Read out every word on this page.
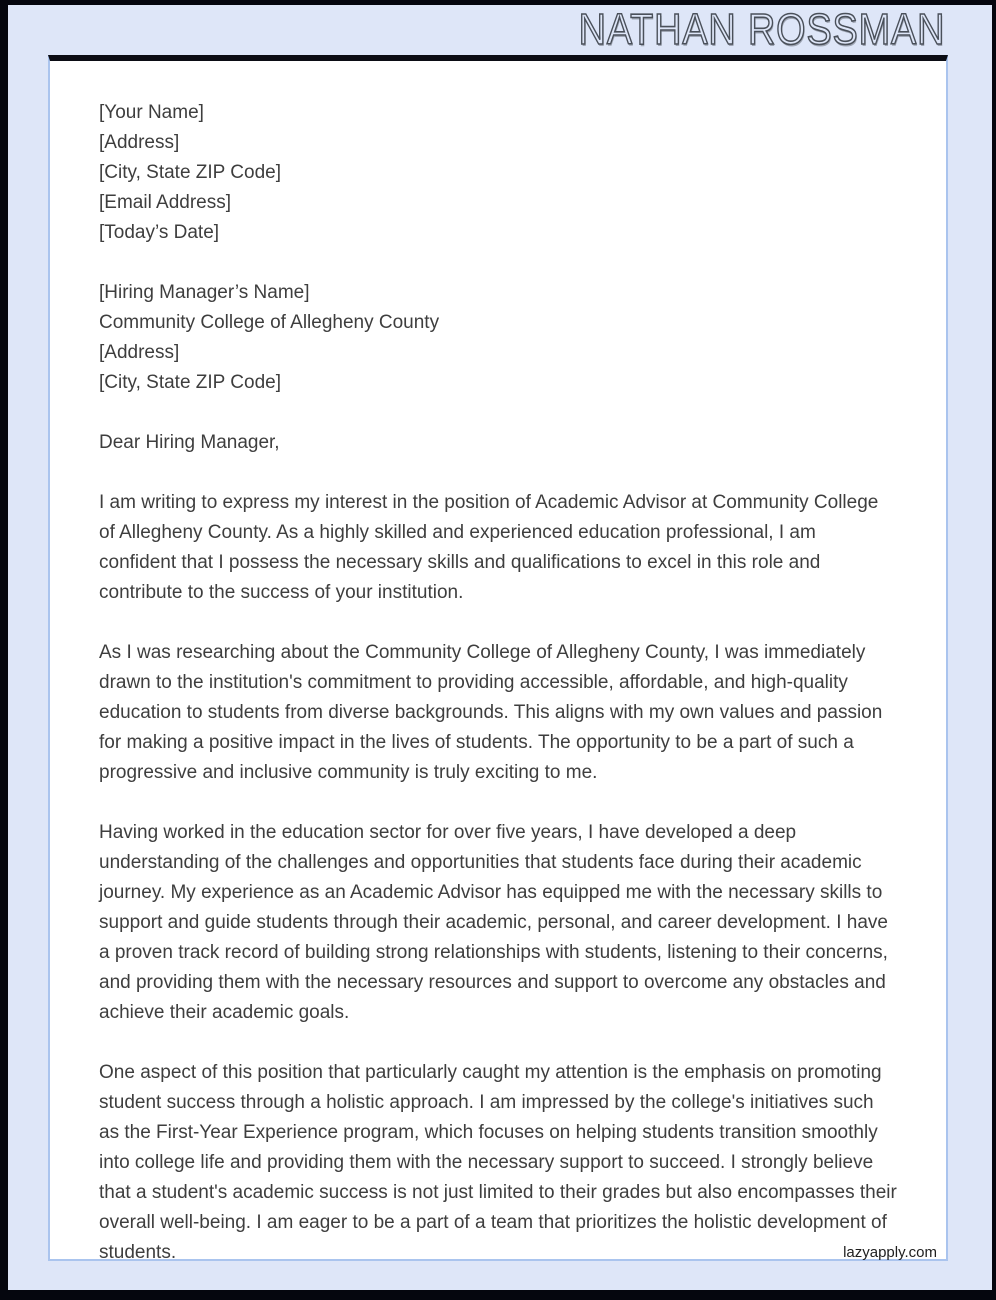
NATHAN ROSSMAN
[Your Name]
[Address]
[City, State ZIP Code]
[Email Address]
[Today’s Date]
[Hiring Manager’s Name]
Community College of Allegheny County
[Address]
[City, State ZIP Code]

Dear Hiring Manager,

I am writing to express my interest in the position of Academic Advisor at Community College of Allegheny County. As a highly skilled and experienced education professional, I am confident that I possess the necessary skills and qualifications to excel in this role and contribute to the success of your institution.

As I was researching about the Community College of Allegheny County, I was immediately drawn to the institution's commitment to providing accessible, affordable, and high-quality education to students from diverse backgrounds. This aligns with my own values and passion for making a positive impact in the lives of students. The opportunity to be a part of such a progressive and inclusive community is truly exciting to me.

Having worked in the education sector for over five years, I have developed a deep understanding of the challenges and opportunities that students face during their academic journey. My experience as an Academic Advisor has equipped me with the necessary skills to support and guide students through their academic, personal, and career development. I have a proven track record of building strong relationships with students, listening to their concerns, and providing them with the necessary resources and support to overcome any obstacles and achieve their academic goals.

One aspect of this position that particularly caught my attention is the emphasis on promoting student success through a holistic approach. I am impressed by the college's initiatives such as the First-Year Experience program, which focuses on helping students transition smoothly into college life and providing them with the necessary support to succeed. I strongly believe that a student's academic success is not just limited to their grades but also encompasses their overall well-being. I am eager to be a part of a team that prioritizes the holistic development of students.	lazyapply.com
